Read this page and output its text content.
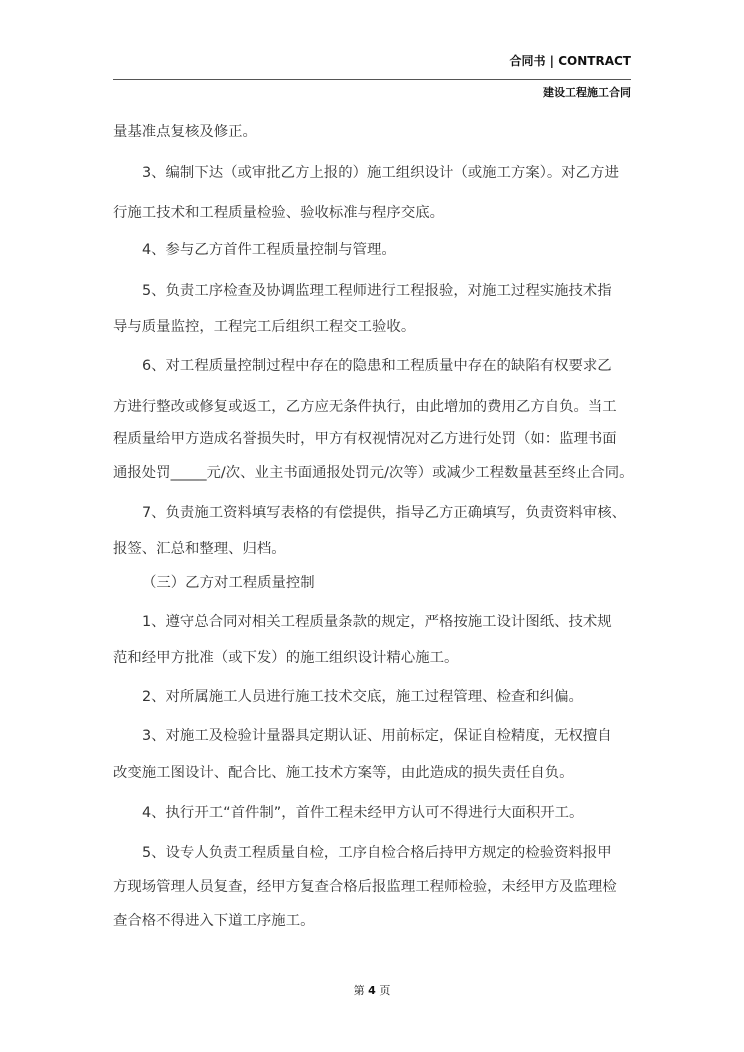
合同书 | CONTRACT
建设工程施工合同
量基准点复核及修正。
3、编制下达（或审批乙方上报的）施工组织设计（或施工方案）。对乙方进
行施工技术和工程质量检验、验收标准与程序交底。
4、参与乙方首件工程质量控制与管理。
5、负责工序检查及协调监理工程师进行工程报验，对施工过程实施技术指
导与质量监控，工程完工后组织工程交工验收。
6、对工程质量控制过程中存在的隐患和工程质量中存在的缺陷有权要求乙
方进行整改或修复或返工，乙方应无条件执行，由此增加的费用乙方自负。当工
程质量给甲方造成名誉损失时，甲方有权视情况对乙方进行处罚（如：监理书面
通报处罚_____元/次、业主书面通报处罚元/次等）或减少工程数量甚至终止合同。
7、负责施工资料填写表格的有偿提供，指导乙方正确填写，负责资料审核、
报签、汇总和整理、归档。
（三）乙方对工程质量控制
1、遵守总合同对相关工程质量条款的规定，严格按施工设计图纸、技术规
范和经甲方批准（或下发）的施工组织设计精心施工。
2、对所属施工人员进行施工技术交底，施工过程管理、检查和纠偏。
3、对施工及检验计量器具定期认证、用前标定，保证自检精度，无权擅自
改变施工图设计、配合比、施工技术方案等，由此造成的损失责任自负。
4、执行开工“首件制”，首件工程未经甲方认可不得进行大面积开工。
5、设专人负责工程质量自检，工序自检合格后持甲方规定的检验资料报甲
方现场管理人员复查，经甲方复查合格后报监理工程师检验，未经甲方及监理检
查合格不得进入下道工序施工。
第 4 页
